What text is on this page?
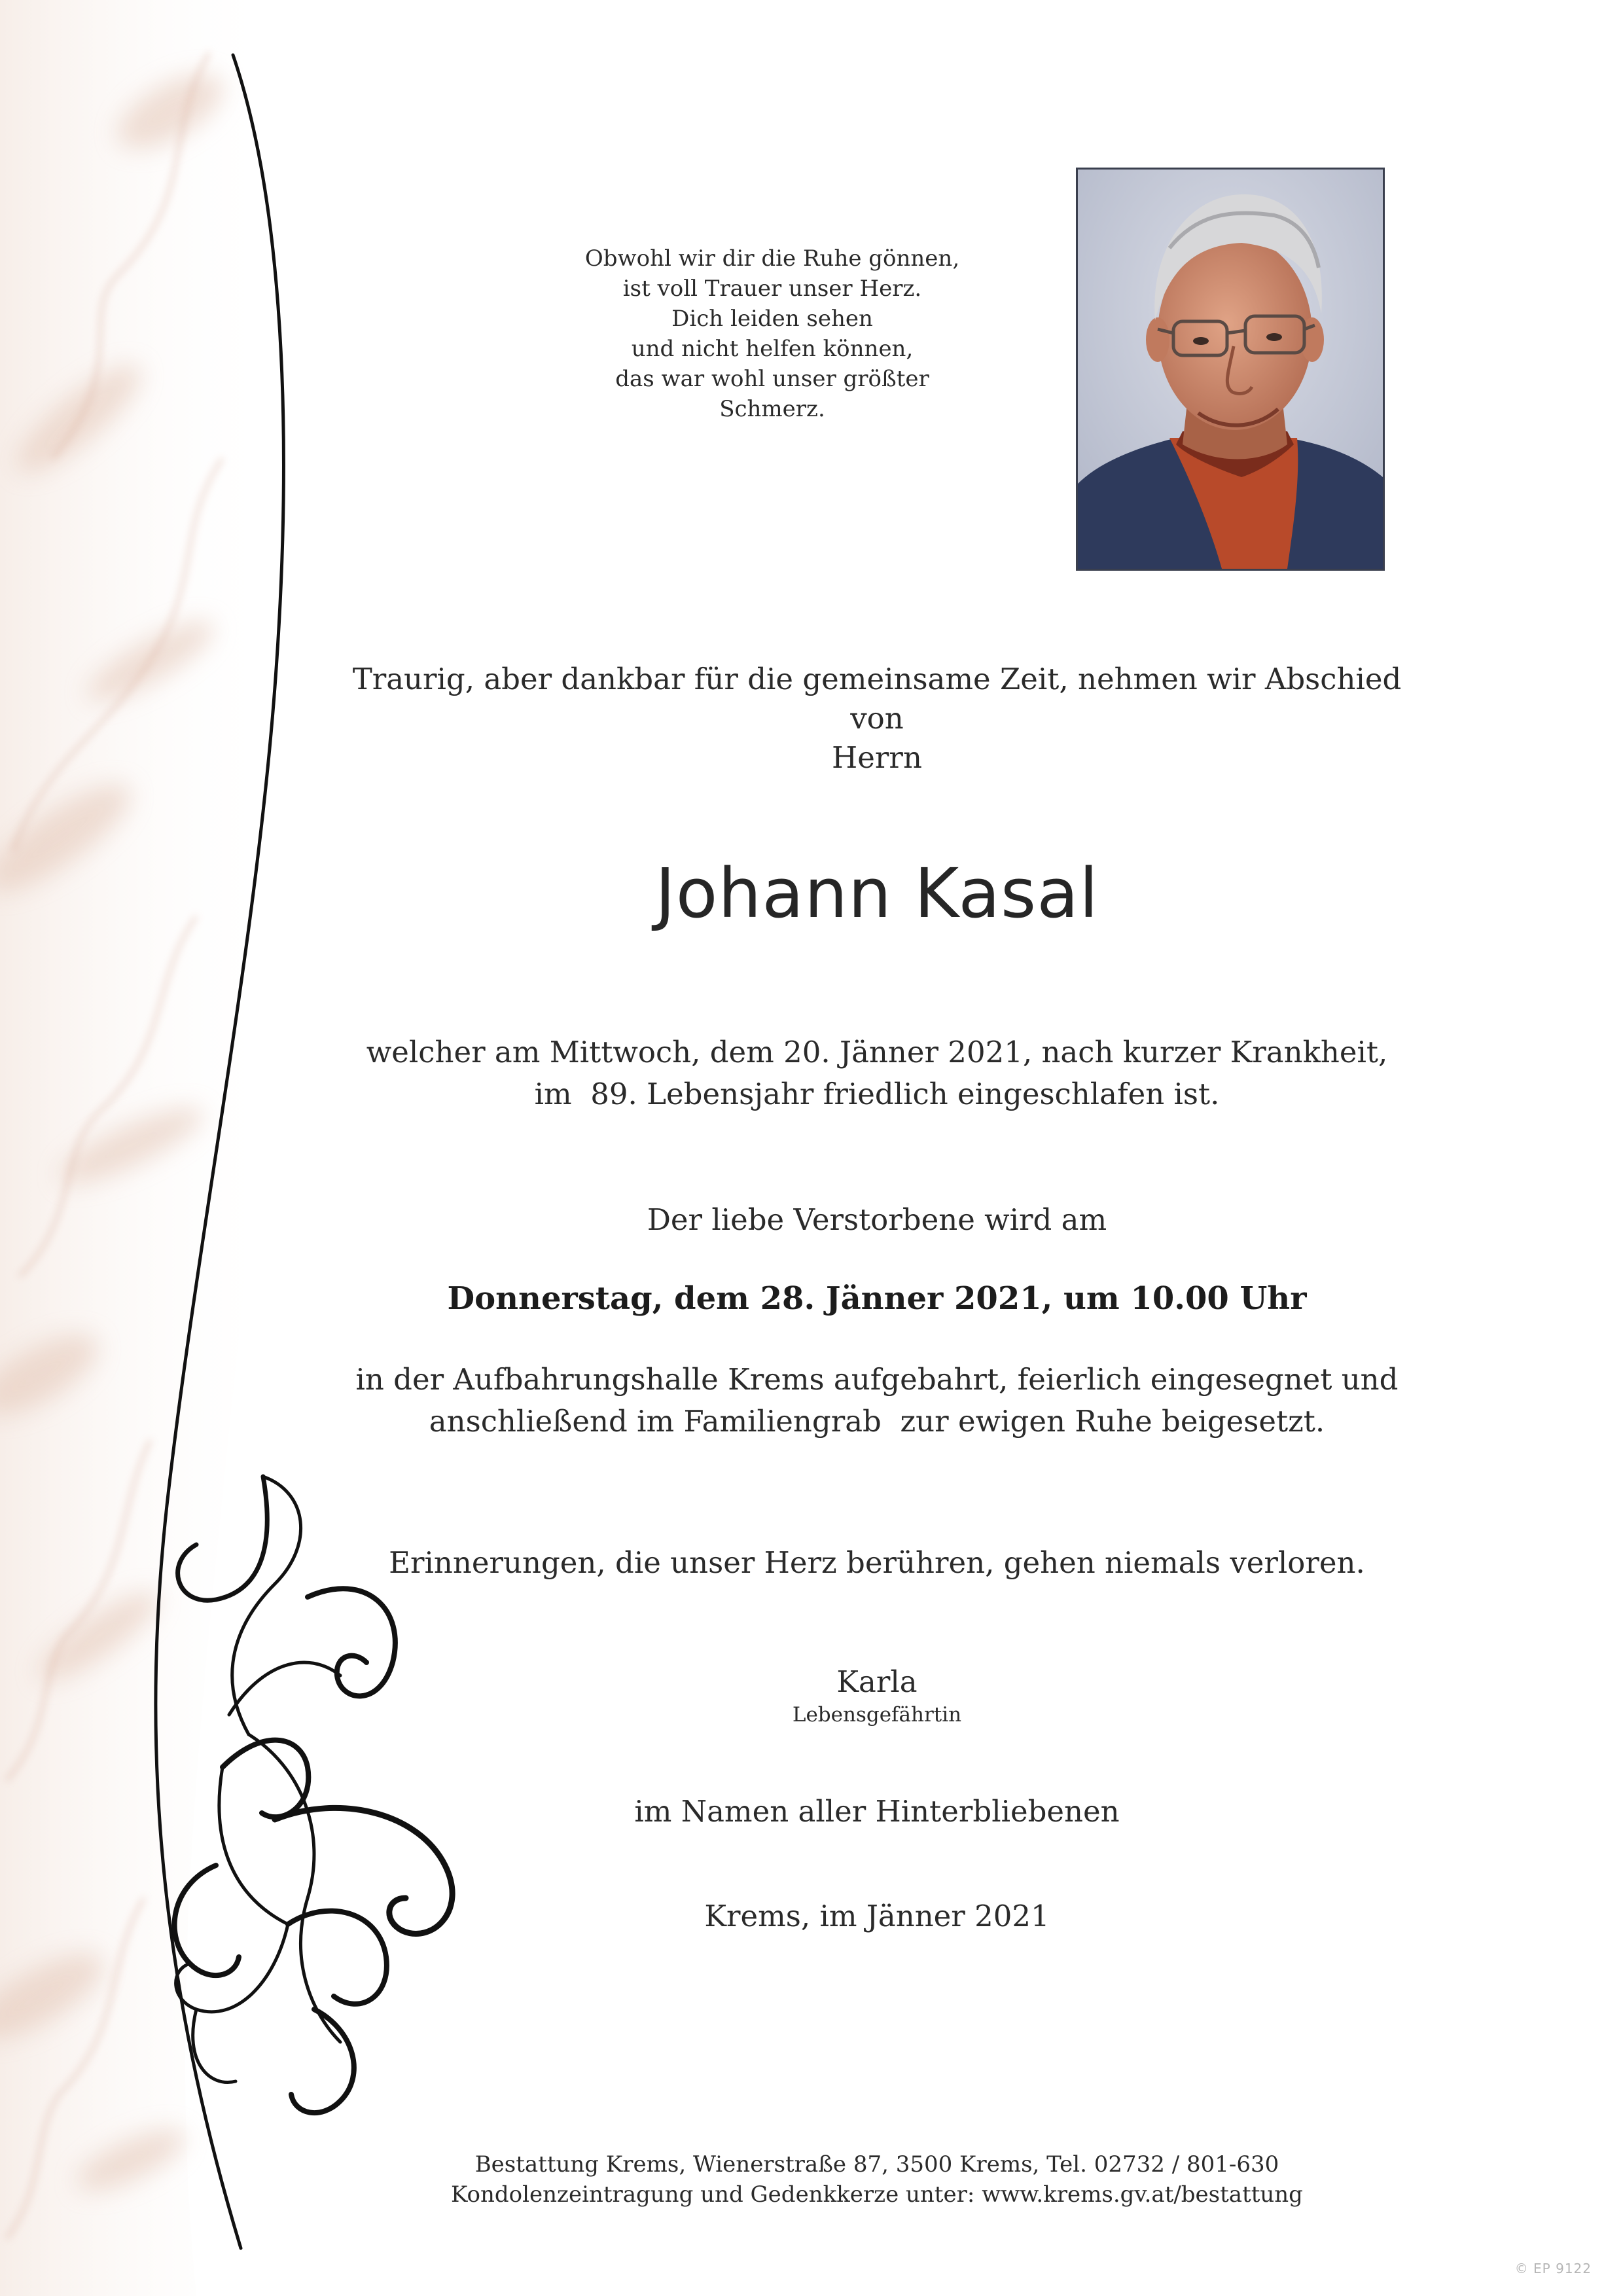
Obwohl wir dir die Ruhe gönnen,
ist voll Trauer unser Herz.
Dich leiden sehen
und nicht helfen können,
das war wohl unser größter
Schmerz.
Traurig, aber dankbar für die gemeinsame Zeit, nehmen wir Abschied von
Herrn
Johann Kasal
welcher am Mittwoch, dem 20. Jänner 2021, nach kurzer Krankheit,
im  89. Lebensjahr friedlich eingeschlafen ist.
Der liebe Verstorbene wird am
Donnerstag, dem 28. Jänner 2021, um 10.00 Uhr
in der Aufbahrungshalle Krems aufgebahrt, feierlich eingesegnet und
anschließend im Familiengrab  zur ewigen Ruhe beigesetzt.
Erinnerungen, die unser Herz berühren, gehen niemals verloren.
Karla
Lebensgefährtin
im Namen aller Hinterbliebenen
Krems, im Jänner 2021
Bestattung Krems, Wienerstraße 87, 3500 Krems, Tel. 02732 / 801-630
Kondolenzeintragung und Gedenkkerze unter: www.krems.gv.at/bestattung
© EP 9122
